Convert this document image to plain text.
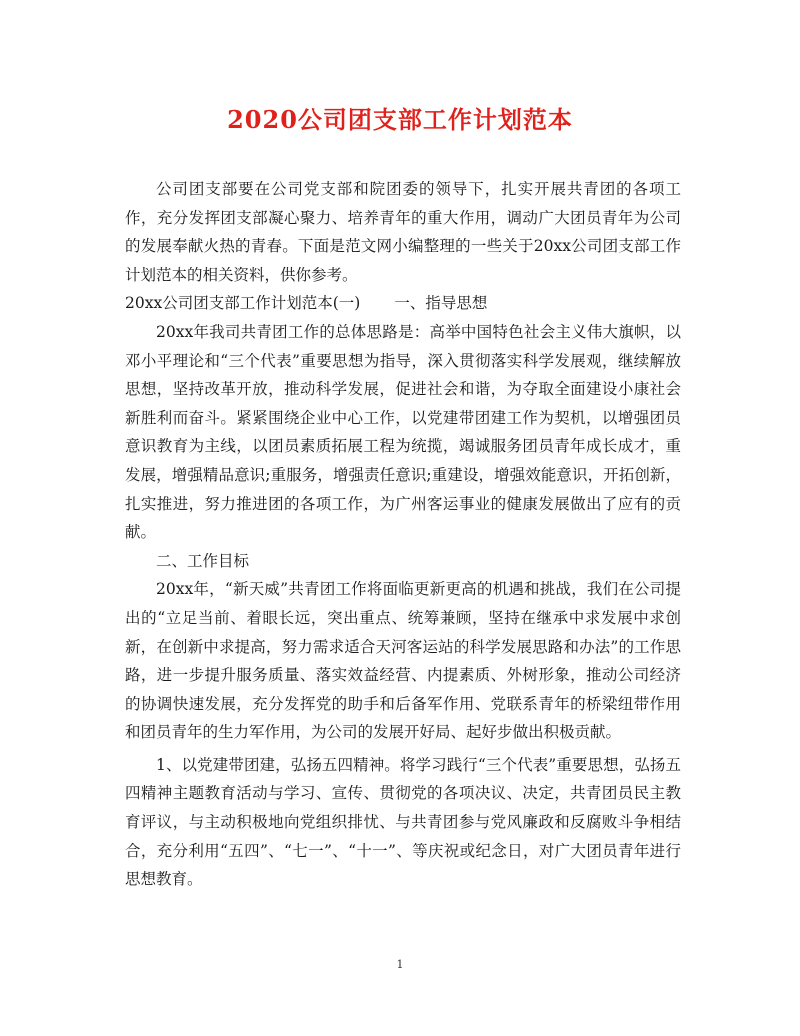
2020公司团支部工作计划范本

公司团支部要在公司党支部和院团委的领导下，扎实开展共青团的各项工作，充分发挥团支部凝心聚力、培养青年的重大作用，调动广大团员青年为公司的发展奉献火热的青春。下面是范文网小编整理的一些关于20xx公司团支部工作计划范本的相关资料，供你参考。

20xx公司团支部工作计划范本(一) 一、指导思想

20xx年我司共青团工作的总体思路是：高举中国特色社会主义伟大旗帜，以邓小平理论和“三个代表”重要思想为指导，深入贯彻落实科学发展观，继续解放思想，坚持改革开放，推动科学发展，促进社会和谐，为夺取全面建设小康社会新胜利而奋斗。紧紧围绕企业中心工作，以党建带团建工作为契机，以增强团员意识教育为主线，以团员素质拓展工程为统揽，竭诚服务团员青年成长成才，重发展，增强精品意识;重服务，增强责任意识;重建设，增强效能意识，开拓创新，扎实推进，努力推进团的各项工作，为广州客运事业的健康发展做出了应有的贡献。

二、工作目标

20xx年，“新天威”共青团工作将面临更新更高的机遇和挑战，我们在公司提出的“立足当前、着眼长远，突出重点、统筹兼顾，坚持在继承中求发展中求创新，在创新中求提高，努力需求适合天河客运站的科学发展思路和办法”的工作思路，进一步提升服务质量、落实效益经营、内提素质、外树形象，推动公司经济的协调快速发展，充分发挥党的助手和后备军作用、党联系青年的桥梁纽带作用和团员青年的生力军作用，为公司的发展开好局、起好步做出积极贡献。

1、以党建带团建，弘扬五四精神。将学习践行“三个代表”重要思想，弘扬五四精神主题教育活动与学习、宣传、贯彻党的各项决议、决定，共青团员民主教育评议，与主动积极地向党组织排忧、与共青团参与党风廉政和反腐败斗争相结合，充分利用“五四”、“七一”、“十一”、等庆祝或纪念日，对广大团员青年进行思想教育。

1
